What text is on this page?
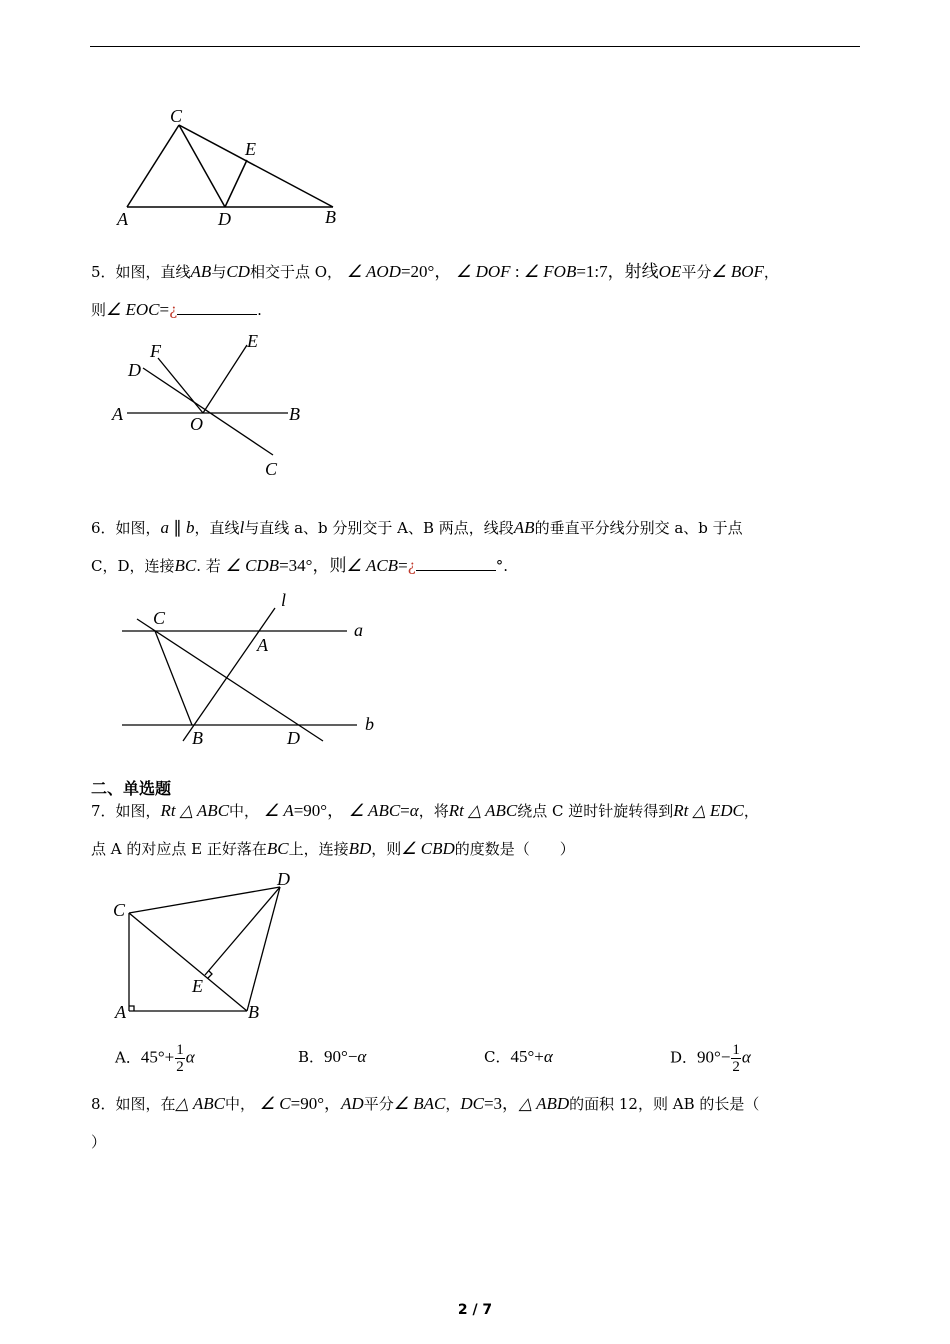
C
E
A	D	B
5．如图，直线AB与CD相交于点 O， ∠ AOD=20°， ∠ DOF : ∠ FOB=1:7，射线OE平分∠ BOF，
则∠ EOC=¿	.
F	E
D
A	O	B
C
6．如图，a ∥ b，直线l与直线 a、b 分别交于 A、B 两点，线段AB的垂直平分线分别交 a、b 于点
C，D，连接BC. 若 ∠ CDB=34°，则∠ ACB=¿	°.
C
l
a
A
b
B	D
二、单选题
7．如图，Rt △ ABC中， ∠ A=90°， ∠ ABC=α，将Rt △ ABC绕点 C 逆时针旋转得到Rt △ EDC，
点 A 的对应点 E 正好落在BC上，连接BD，则∠ CBD的度数是（　　）
D
C
E
A	B
A．$45^\circ+ \frac{1}{2}$ α	B．90°−α	C．45°+α	D．$90^\circ- \frac{1}{2}$ α
8．如图，在△ ABC中， ∠ C=90°，AD平分∠ BAC，DC=3，△ ABD的面积 12，则 AB 的长是（
）
2 / 7
